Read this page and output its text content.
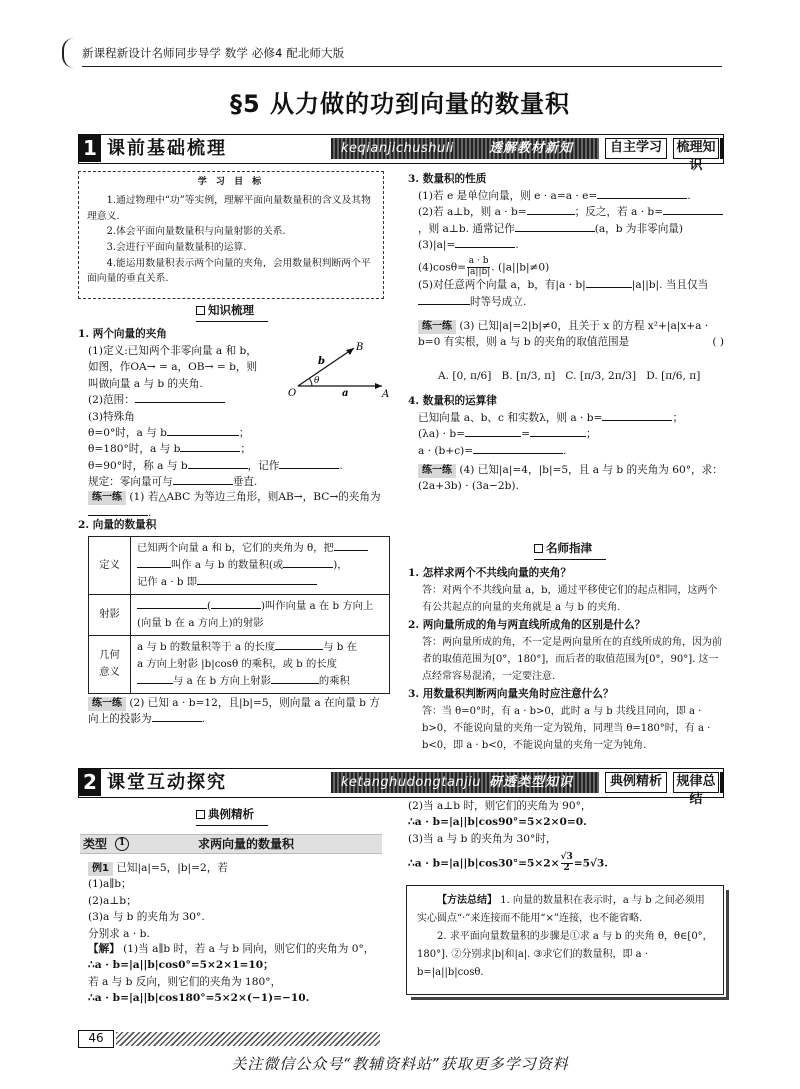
新课程新设计名师同步导学 数学 必修4 配北师大版
§5 从力做的功到向量的数量积
1 课前基础梳理	keqianjichushuli	透解教材新知	自主学习	梳理知识
学 习 目 标

1.通过物理中“功”等实例，理解平面向量数量积的含义及其物理意义.

2.体会平面向量数量积与向量射影的关系.

3.会进行平面向量数量积的运算.

4.能运用数量积表示两个向量的夹角，会用数量积判断两个平面向量的垂直关系.

知识梳理
1. 两个向量的夹角
(1)定义:已知两个非零向量 a 和 b，
如图，作OA→ = a，OB→ = b，则
叫做向量 a 与 b 的夹角.
(2)范围：
(3)特殊角
θ=0°时，a 与 b	；
θ=180°时，a 与 b	；
θ=90°时，称 a 与 b	，记作	.
规定：零向量可与	垂直.
O	A
B
a
b
θ
练一练 (1) 若△ABC 为等边三角形，则AB→，BC→的夹角为.
2. 向量的数量积
定义	已知两个向量 a 和 b，它们的夹角为 θ，把
叫作 a 与 b 的数量积(或 )，
记作 a · b 即

射影	( )叫作向量 a 在 b 方向上
(向量 b 在 a 方向上)的射影

几何意义	a 与 b 的数量积等于 a 的长度 与 b 在
a 方向上射影 |b|cosθ 的乘积，或 b 的长度
与 a 在 b 方向上射影 的乘积
练一练 (2) 已知 a · b=12，且|b|=5，则向量 a 在向量 b 方向上的投影为	.
3. 数量积的性质
(1)若 e 是单位向量，则 e · a=a · e=	.
(2)若 a⊥b，则 a · b=	；反之，若 a · b=
，则 a⊥b. 通常记作	(a，b 为非零向量)
(3)|a|=	.
$(4)\cos\theta= \frac{a \cdot b}{|a||b|}$ . (|a||b|≠0)
(5)对任意两个向量 a，b，有|a · b|	|a||b|. 当且仅当
时等号成立.
练一练 (3) 已知|a|=2|b|≠0，且关于 x 的方程 x²+|a|x+a · b=0 有实根，则 a 与 b 的夹角的取值范围是	( )
A. [0, π/6] B. [π/3, π] C. [π/3, 2π/3] D. [π/6, π]
4. 数量积的运算律
已知向量 a、b、c 和实数λ，则 a · b=	；
(λa) · b=	=	；
a · (b+c)=	.
练一练 (4) 已知|a|=4，|b|=5，且 a 与 b 的夹角为 60°，求：(2a+3b) · (3a−2b).
名师指津

1. 怎样求两个不共线向量的夹角？

答：对两个不共线向量 a，b，通过平移使它们的起点相同，这两个有公共起点的向量的夹角就是 a 与 b 的夹角.

2. 两向量所成的角与两直线所成角的区别是什么？

答：两向量所成的角，不一定是两向量所在的直线所成的角，因为前者的取值范围为[0°，180°]，而后者的取值范围为[0°，90°]. 这一点经常容易混淆，一定要注意.

3. 用数量积判断两向量夹角时应注意什么？

答：当 θ=0°时，有 a · b>0，此时 a 与 b 共线且同向，即 a · b>0，不能说向量的夹角一定为锐角，同理当 θ=180°时，有 a · b<0，即 a · b<0，不能说向量的夹角一定为钝角.

2 课堂互动探究	ketanghudongtanjiu 研透类型知识	典例精析	规律总结
典例精析
类型	1	求两向量的数量积
例1 已知|a|=5，|b|=2，若
(1)a∥b；
(2)a⊥b；
(3)a 与 b 的夹角为 30°.
分别求 a · b.
【解】 (1)当 a∥b 时，若 a 与 b 同向，则它们的夹角为 0°，
∴a · b=|a||b|cos0°=5×2×1=10；
若 a 与 b 反向，则它们的夹角为 180°，
∴a · b=|a||b|cos180°=5×2×(−1)=−10.
(2)当 a⊥b 时，则它们的夹角为 90°，
∴a · b=|a||b|cos90°=5×2×0=0.
(3)当 a 与 b 的夹角为 30°时，
∴a · $b=|a||b|\cos 30^\circ=5\times 2\times \frac{√3}{2} =5√3$.
【方法总结】 1. 向量的数量积在表示时，a 与 b 之间必须用实心圆点“·”来连接而不能用“×”连接，也不能省略.
2. 求平面向量数量积的步骤是①求 a 与 b 的夹角 θ，θ∈[0°，180°]. ②分别求|b|和|a|. ③求它们的数量积，即 a · b=|a||b|cosθ.
46
关注微信公众号“教辅资料站”获取更多学习资料
